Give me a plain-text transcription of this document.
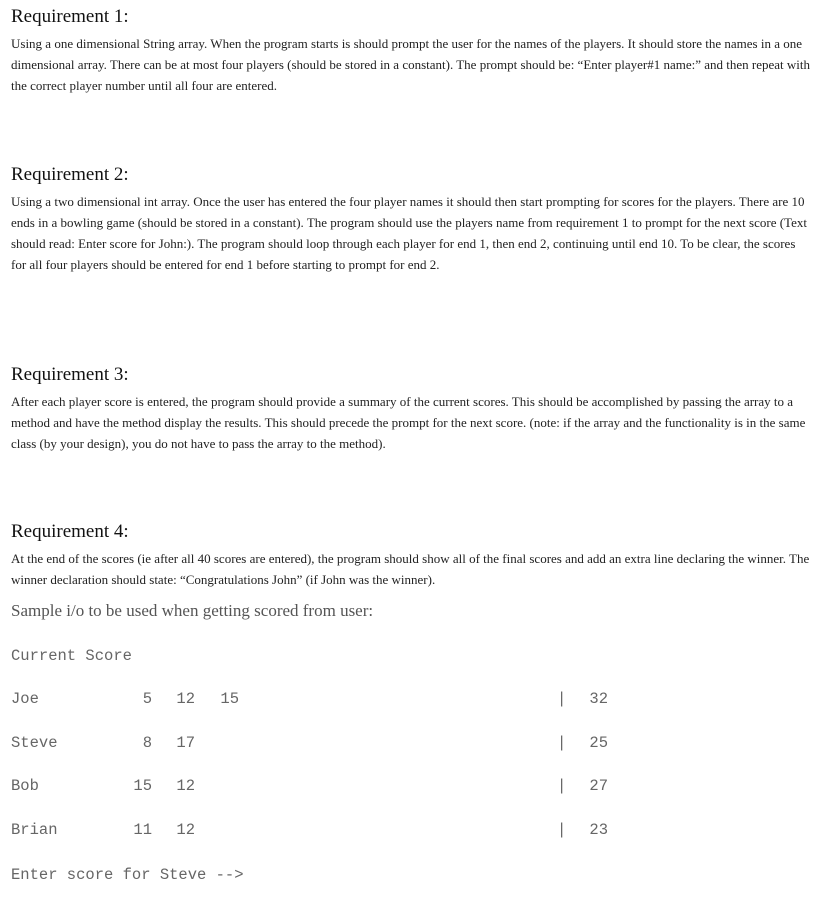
Requirement 1:

Using a one dimensional String array. When the program starts is should prompt the user for the names of the players. It should store the names in a one dimensional array. There can be at most four players (should be stored in a constant). The prompt should be: “Enter player#1 name:” and then repeat with the correct player number until all four are entered.

Requirement 2:

Using a two dimensional int array. Once the user has entered the four player names it should then start prompting for scores for the players. There are 10 ends in a bowling game (should be stored in a constant). The program should use the players name from requirement 1 to prompt for the next score (Text should read: Enter score for John:). The program should loop through each player for end 1, then end 2, continuing until end 10. To be clear, the scores for all four players should be entered for end 1 before starting to prompt for end 2.

Requirement 3:

After each player score is entered, the program should provide a summary of the current scores. This should be accomplished by passing the array to a method and have the method display the results. This should precede the prompt for the next score. (note: if the array and the functionality is in the same class (by your design), you do not have to pass the array to the method).

Requirement 4:

At the end of the scores (ie after all 40 scores are entered), the program should show all of the final scores and add an extra line declaring the winner. The winner declaration should state: “Congratulations John” (if John was the winner).

Sample i/o to be used when getting scored from user:

Current Score
Joe	5	12	15	|	32
Steve	8	17	|	25
Bob	15	12	|	27
Brian	11	12	|	23
Enter score for Steve -->
